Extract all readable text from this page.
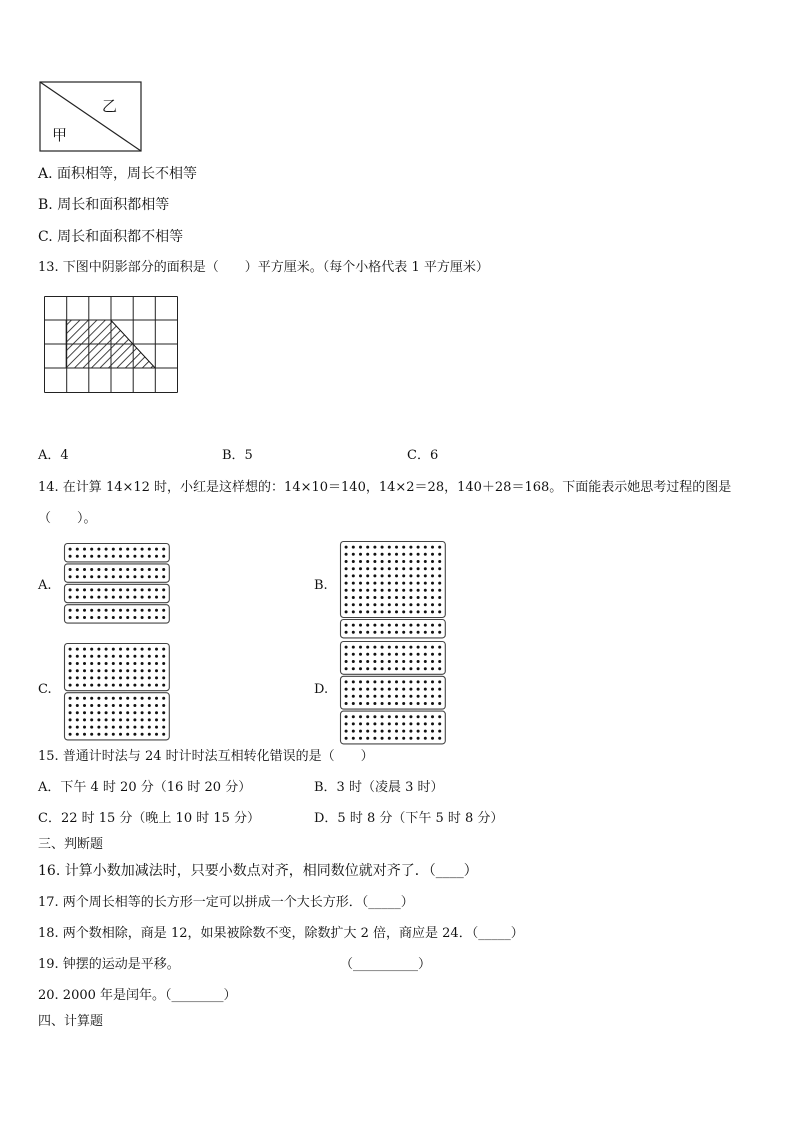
乙
甲
A. 面积相等，周长不相等
B. 周长和面积都相等
C. 周长和面积都不相等
13. 下图中阴影部分的面积是（　　）平方厘米。（每个小格代表 1 平方厘米）
A．4	B．5	C．6
14. 在计算 14×12 时，小红是这样想的：14×10＝140，14×2＝28，140＋28＝168。下面能表示她思考过程的图是
（　　）。
A.	B.
C.	D.
15. 普通计时法与 24 时计时法互相转化错误的是（　　）
A．下午 4 时 20 分（16 时 20 分）	B．3 时（凌晨 3 时）
C．22 时 15 分（晚上 10 时 15 分）	D．5 时 8 分（下午 5 时 8 分）
三、判断题
16. 计算小数加减法时，只要小数点对齐，相同数位就对齐了．（____）
17. 两个周长相等的长方形一定可以拼成一个大长方形．（_____）
18. 两个数相除，商是 12，如果被除数不变，除数扩大 2 倍，商应是 24．（_____）
19. 钟摆的运动是平移。	（__________）
20. 2000 年是闰年。（________）
四、计算题
